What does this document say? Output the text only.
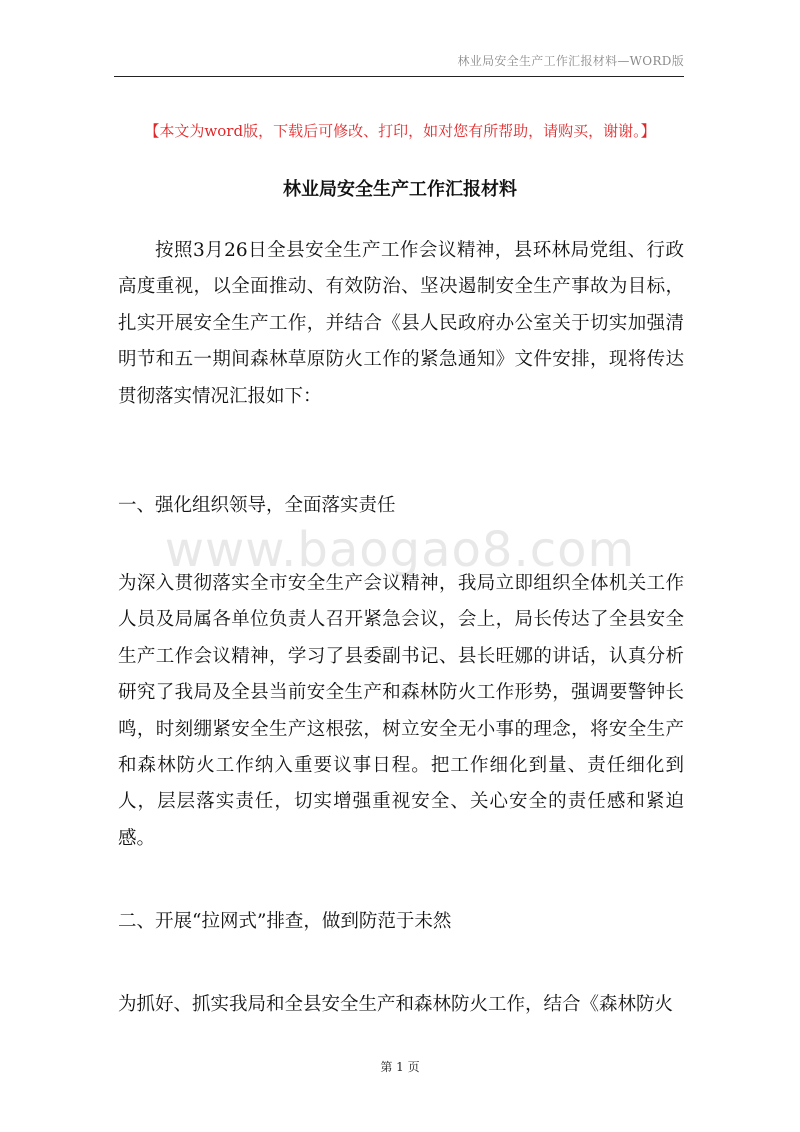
林业局安全生产工作汇报材料—WORD版
【本文为word版，下载后可修改、打印，如对您有所帮助，请购买，谢谢。】
林业局安全生产工作汇报材料
按照3月26日全县安全生产工作会议精神，县环林局党组、行政高度重视，以全面推动、有效防治、坚决遏制安全生产事故为目标，扎实开展安全生产工作，并结合《县人民政府办公室关于切实加强清明节和五一期间森林草原防火工作的紧急通知》文件安排，现将传达贯彻落实情况汇报如下：
一、强化组织领导，全面落实责任
www.baogao8.com
为深入贯彻落实全市安全生产会议精神，我局立即组织全体机关工作人员及局属各单位负责人召开紧急会议，会上，局长传达了全县安全生产工作会议精神，学习了县委副书记、县长旺娜的讲话，认真分析研究了我局及全县当前安全生产和森林防火工作形势，强调要警钟长鸣，时刻绷紧安全生产这根弦，树立安全无小事的理念，将安全生产和森林防火工作纳入重要议事日程。把工作细化到量、责任细化到人，层层落实责任，切实增强重视安全、关心安全的责任感和紧迫感。
二、开展“拉网式”排查，做到防范于未然
为抓好、抓实我局和全县安全生产和森林防火工作，结合《森林防火
第 1 页
